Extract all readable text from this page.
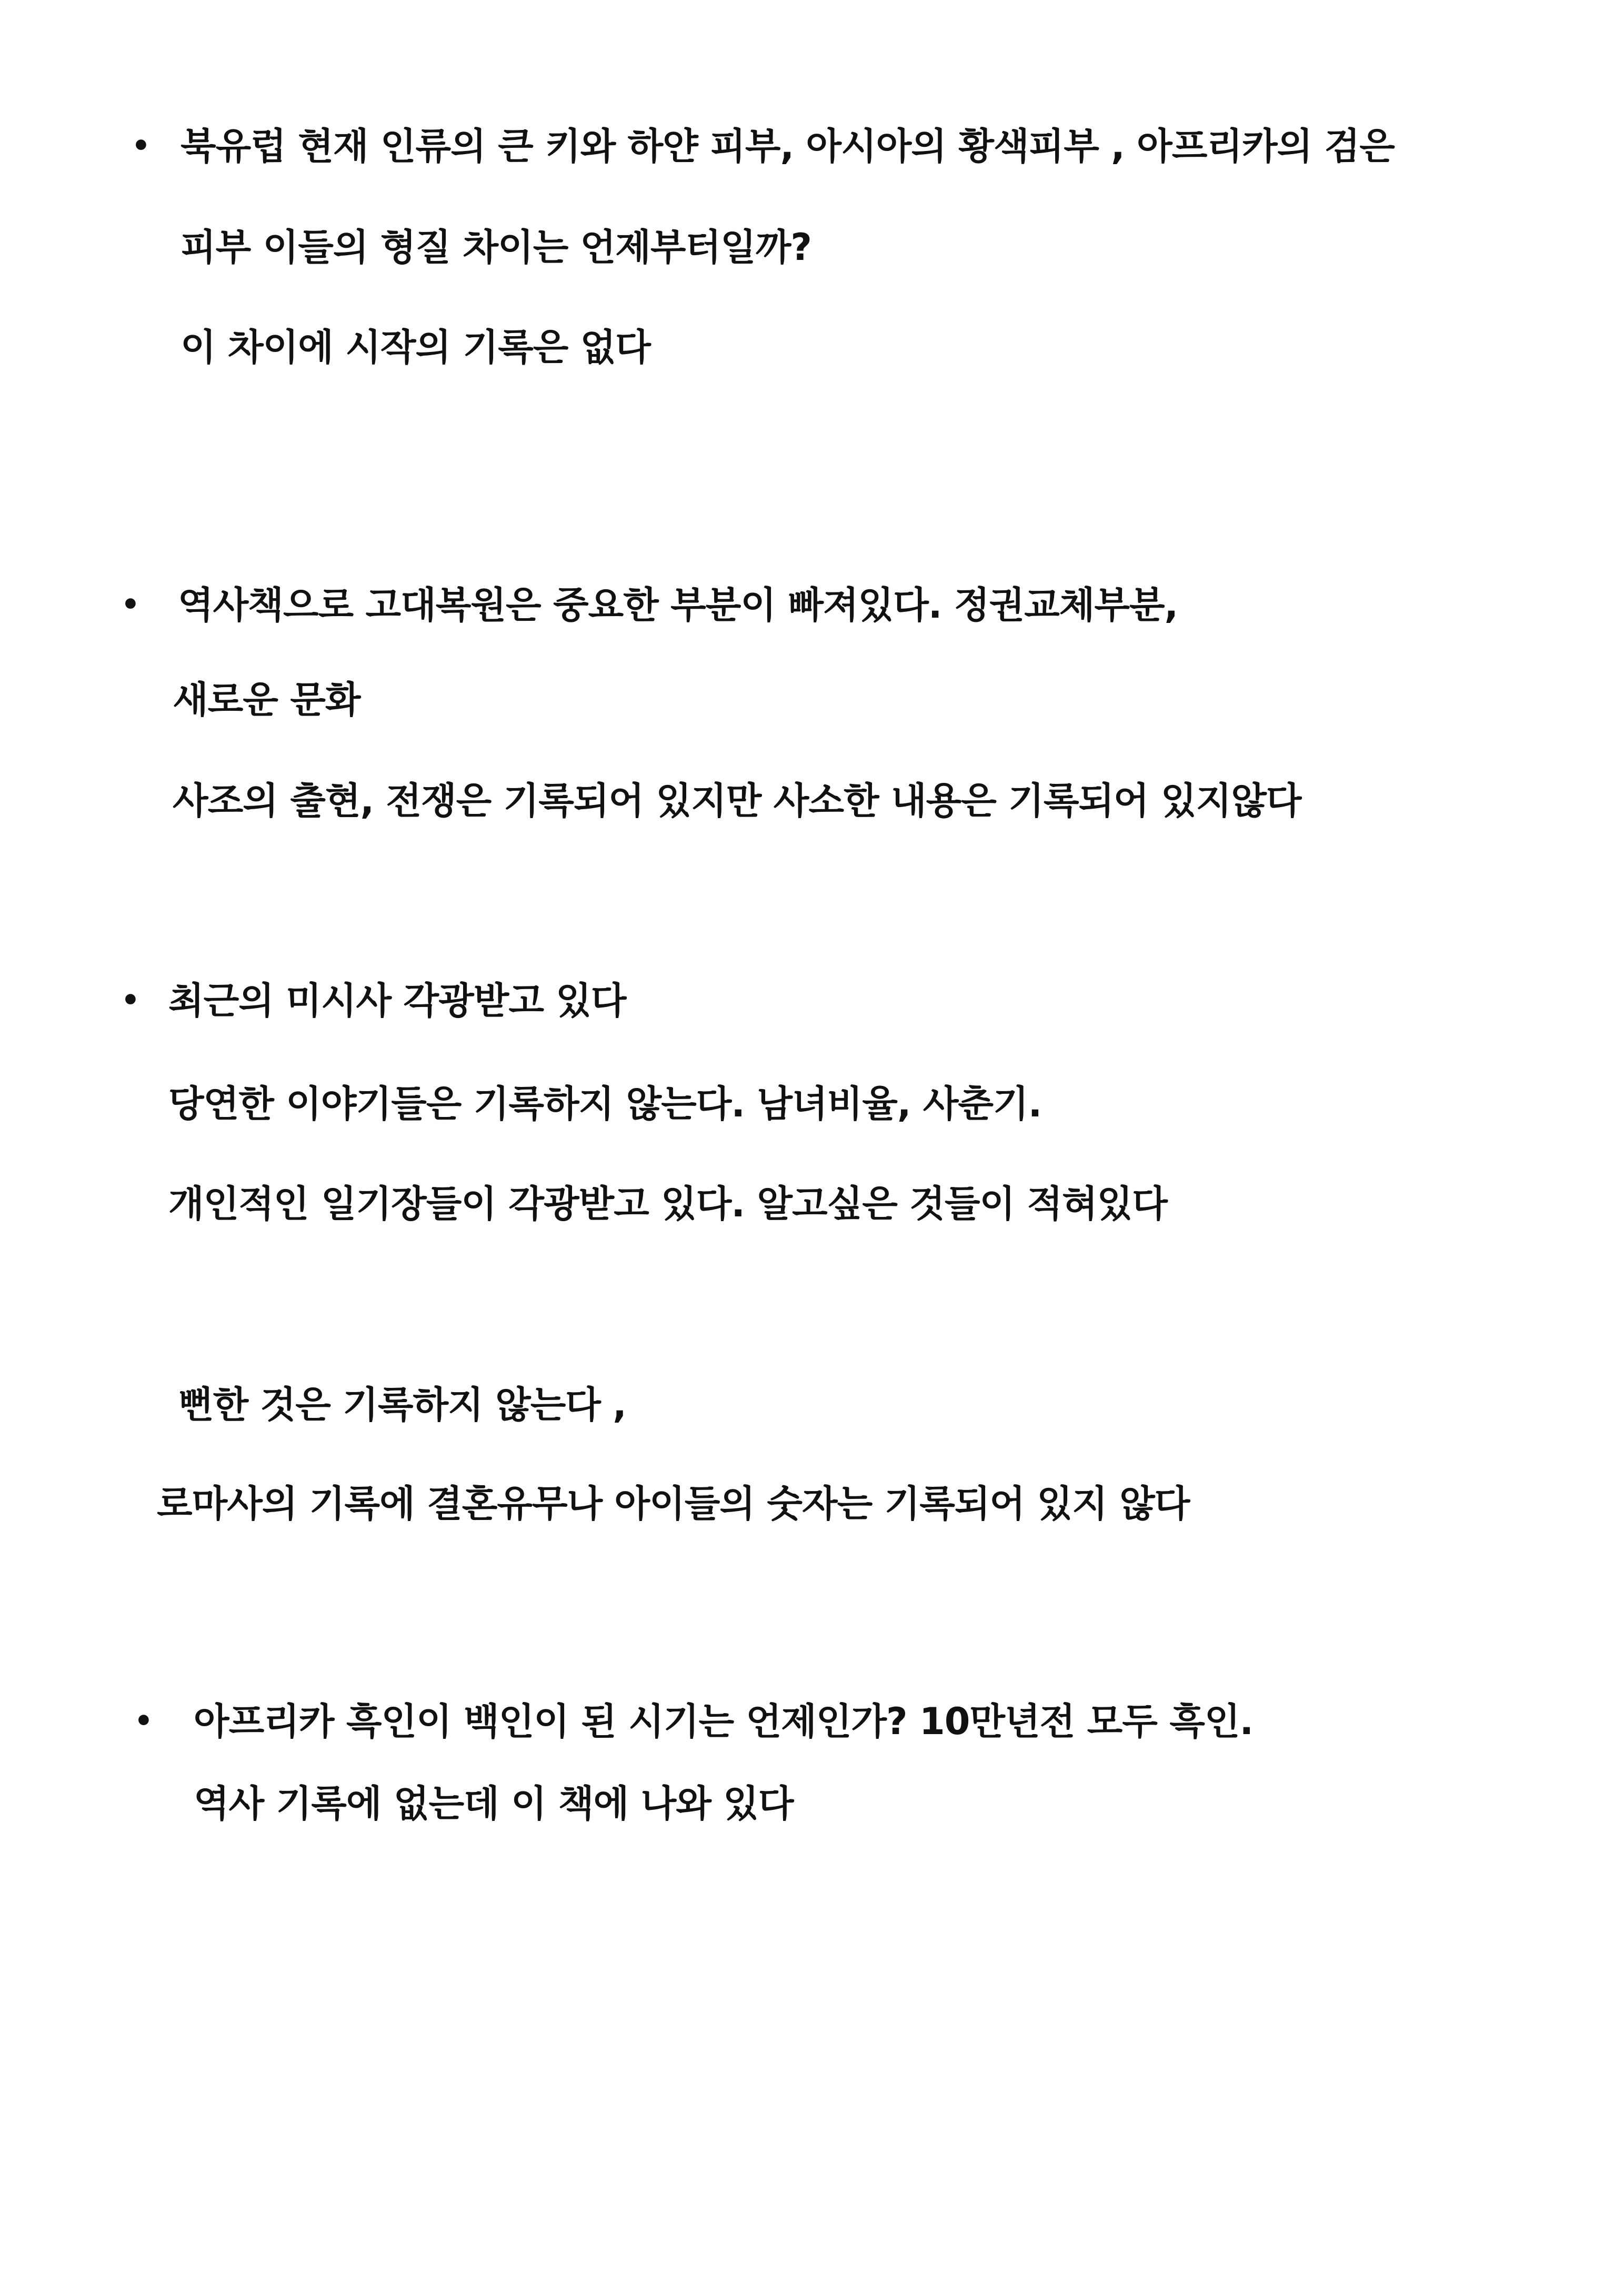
• 북유럽 현재 인류의 큰 키와 하얀 피부, 아시아의 황색피부 , 아프리카의 검은
피부 이들의 형질 차이는 언제부터일까?
이 차이에 시작의 기록은 없다
• 역사책으로 고대복원은 중요한 부분이 빠져있다. 정권교체부분,
새로운 문화
사조의 출현, 전쟁은 기록되어 있지만 사소한 내용은 기록되어 있지않다
• 최근의 미시사 각광받고 있다
당연한 이야기들은 기록하지 않는다. 남녀비율, 사춘기.
개인적인 일기장들이 각광받고 있다. 알고싶은 것들이 적혀있다
뻔한 것은 기록하지 않는다 ,
로마사의 기록에 결혼유무나 아이들의 숫자는 기록되어 있지 않다
• 아프리카 흑인이 백인이 된 시기는 언제인가? 10만년전 모두 흑인.
역사 기록에 없는데 이 책에 나와 있다
